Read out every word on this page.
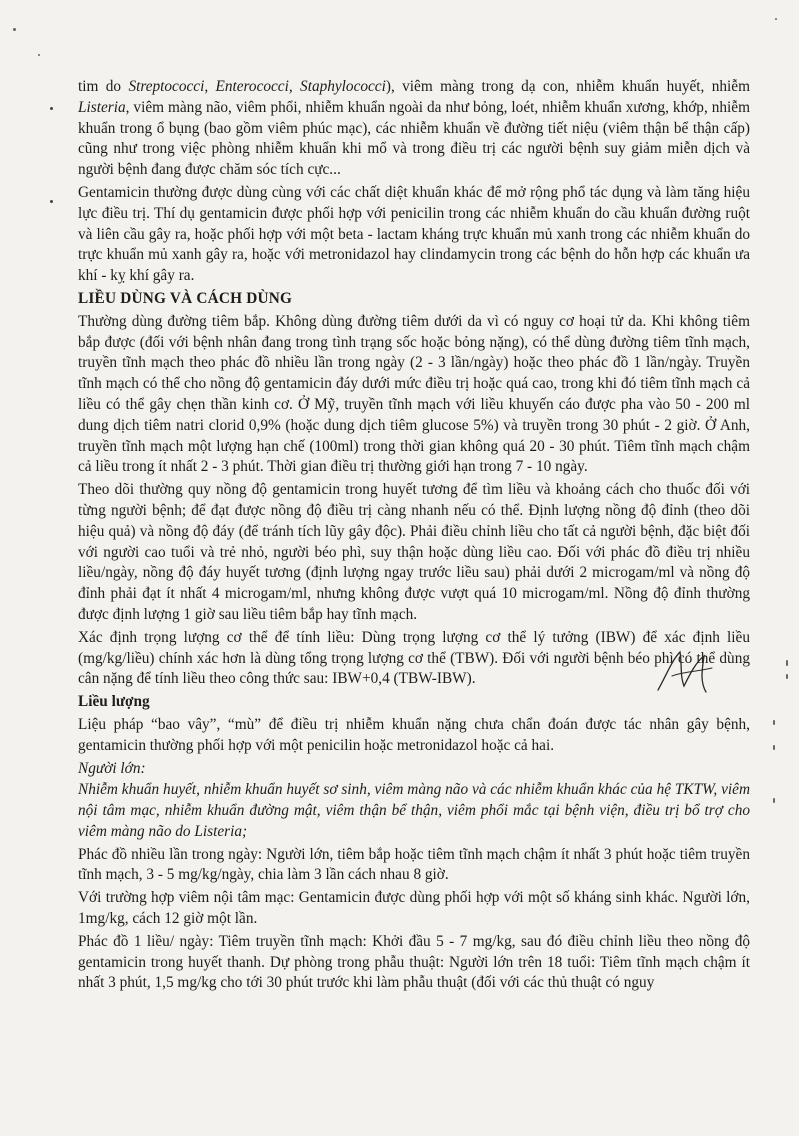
tim do Streptococci, Enterococci, Staphylococci), viêm màng trong dạ con, nhiễm khuẩn huyết, nhiễm Listeria, viêm màng não, viêm phổi, nhiễm khuẩn ngoài da như bỏng, loét, nhiễm khuẩn xương, khớp, nhiễm khuẩn trong ổ bụng (bao gồm viêm phúc mạc), các nhiễm khuẩn về đường tiết niệu (viêm thận bể thận cấp) cũng như trong việc phòng nhiễm khuẩn khi mổ và trong điều trị các người bệnh suy giảm miễn dịch và người bệnh đang được chăm sóc tích cực...

Gentamicin thường được dùng cùng với các chất diệt khuẩn khác để mở rộng phổ tác dụng và làm tăng hiệu lực điều trị. Thí dụ gentamicin được phối hợp với penicilin trong các nhiễm khuẩn do cầu khuẩn đường ruột và liên cầu gây ra, hoặc phối hợp với một beta - lactam kháng trực khuẩn mủ xanh trong các nhiễm khuẩn do trực khuẩn mủ xanh gây ra, hoặc với metronidazol hay clindamycin trong các bệnh do hỗn hợp các khuẩn ưa khí - kỵ khí gây ra.

LIỀU DÙNG VÀ CÁCH DÙNG

Thường dùng đường tiêm bắp. Không dùng đường tiêm dưới da vì có nguy cơ hoại tử da. Khi không tiêm bắp được (đối với bệnh nhân đang trong tình trạng sốc hoặc bỏng nặng), có thể dùng đường tiêm tĩnh mạch, truyền tĩnh mạch theo phác đồ nhiều lần trong ngày (2 - 3 lần/ngày) hoặc theo phác đồ 1 lần/ngày. Truyền tĩnh mạch có thể cho nồng độ gentamicin đáy dưới mức điều trị hoặc quá cao, trong khi đó tiêm tĩnh mạch cả liều có thể gây chẹn thần kinh cơ. Ở Mỹ, truyền tĩnh mạch với liều khuyến cáo được pha vào 50 - 200 ml dung dịch tiêm natri clorid 0,9% (hoặc dung dịch tiêm glucose 5%) và truyền trong 30 phút - 2 giờ. Ở Anh, truyền tĩnh mạch một lượng hạn chế (100ml) trong thời gian không quá 20 - 30 phút. Tiêm tĩnh mạch chậm cả liều trong ít nhất 2 - 3 phút. Thời gian điều trị thường giới hạn trong 7 - 10 ngày.

Theo dõi thường quy nồng độ gentamicin trong huyết tương để tìm liều và khoảng cách cho thuốc đối với từng người bệnh; để đạt được nồng độ điều trị càng nhanh nếu có thể. Định lượng nồng độ đỉnh (theo dõi hiệu quả) và nồng độ đáy (để tránh tích lũy gây độc). Phải điều chỉnh liều cho tất cả người bệnh, đặc biệt đối với người cao tuổi và trẻ nhỏ, người béo phì, suy thận hoặc dùng liều cao. Đối với phác đồ điều trị nhiều liều/ngày, nồng độ đáy huyết tương (định lượng ngay trước liều sau) phải dưới 2 microgam/ml và nồng độ đỉnh phải đạt ít nhất 4 microgam/ml, nhưng không được vượt quá 10 microgam/ml. Nồng độ đỉnh thường được định lượng 1 giờ sau liều tiêm bắp hay tĩnh mạch.

Xác định trọng lượng cơ thể để tính liều: Dùng trọng lượng cơ thể lý tưởng (IBW) để xác định liều (mg/kg/liều) chính xác hơn là dùng tổng trọng lượng cơ thể (TBW). Đối với người bệnh béo phì có thể dùng cân nặng để tính liều theo công thức sau: IBW+0,4 (TBW-IBW).

Liều lượng

Liệu pháp “bao vây”, “mù” để điều trị nhiễm khuẩn nặng chưa chẩn đoán được tác nhân gây bệnh, gentamicin thường phối hợp với một penicilin hoặc metronidazol hoặc cả hai.

Người lớn:

Nhiễm khuẩn huyết, nhiễm khuẩn huyết sơ sinh, viêm màng não và các nhiễm khuẩn khác của hệ TKTW, viêm nội tâm mạc, nhiễm khuẩn đường mật, viêm thận bể thận, viêm phổi mắc tại bệnh viện, điều trị bổ trợ cho viêm màng não do Listeria;

Phác đồ nhiều lần trong ngày: Người lớn, tiêm bắp hoặc tiêm tĩnh mạch chậm ít nhất 3 phút hoặc tiêm truyền tĩnh mạch, 3 - 5 mg/kg/ngày, chia làm 3 lần cách nhau 8 giờ.

Với trường hợp viêm nội tâm mạc: Gentamicin được dùng phối hợp với một số kháng sinh khác. Người lớn, 1mg/kg, cách 12 giờ một lần.

Phác đồ 1 liều/ ngày: Tiêm truyền tĩnh mạch: Khởi đầu 5 - 7 mg/kg, sau đó điều chỉnh liều theo nồng độ gentamicin trong huyết thanh. Dự phòng trong phẫu thuật: Người lớn trên 18 tuổi: Tiêm tĩnh mạch chậm ít nhất 3 phút, 1,5 mg/kg cho tới 30 phút trước khi làm phẫu thuật (đối với các thủ thuật có nguy
